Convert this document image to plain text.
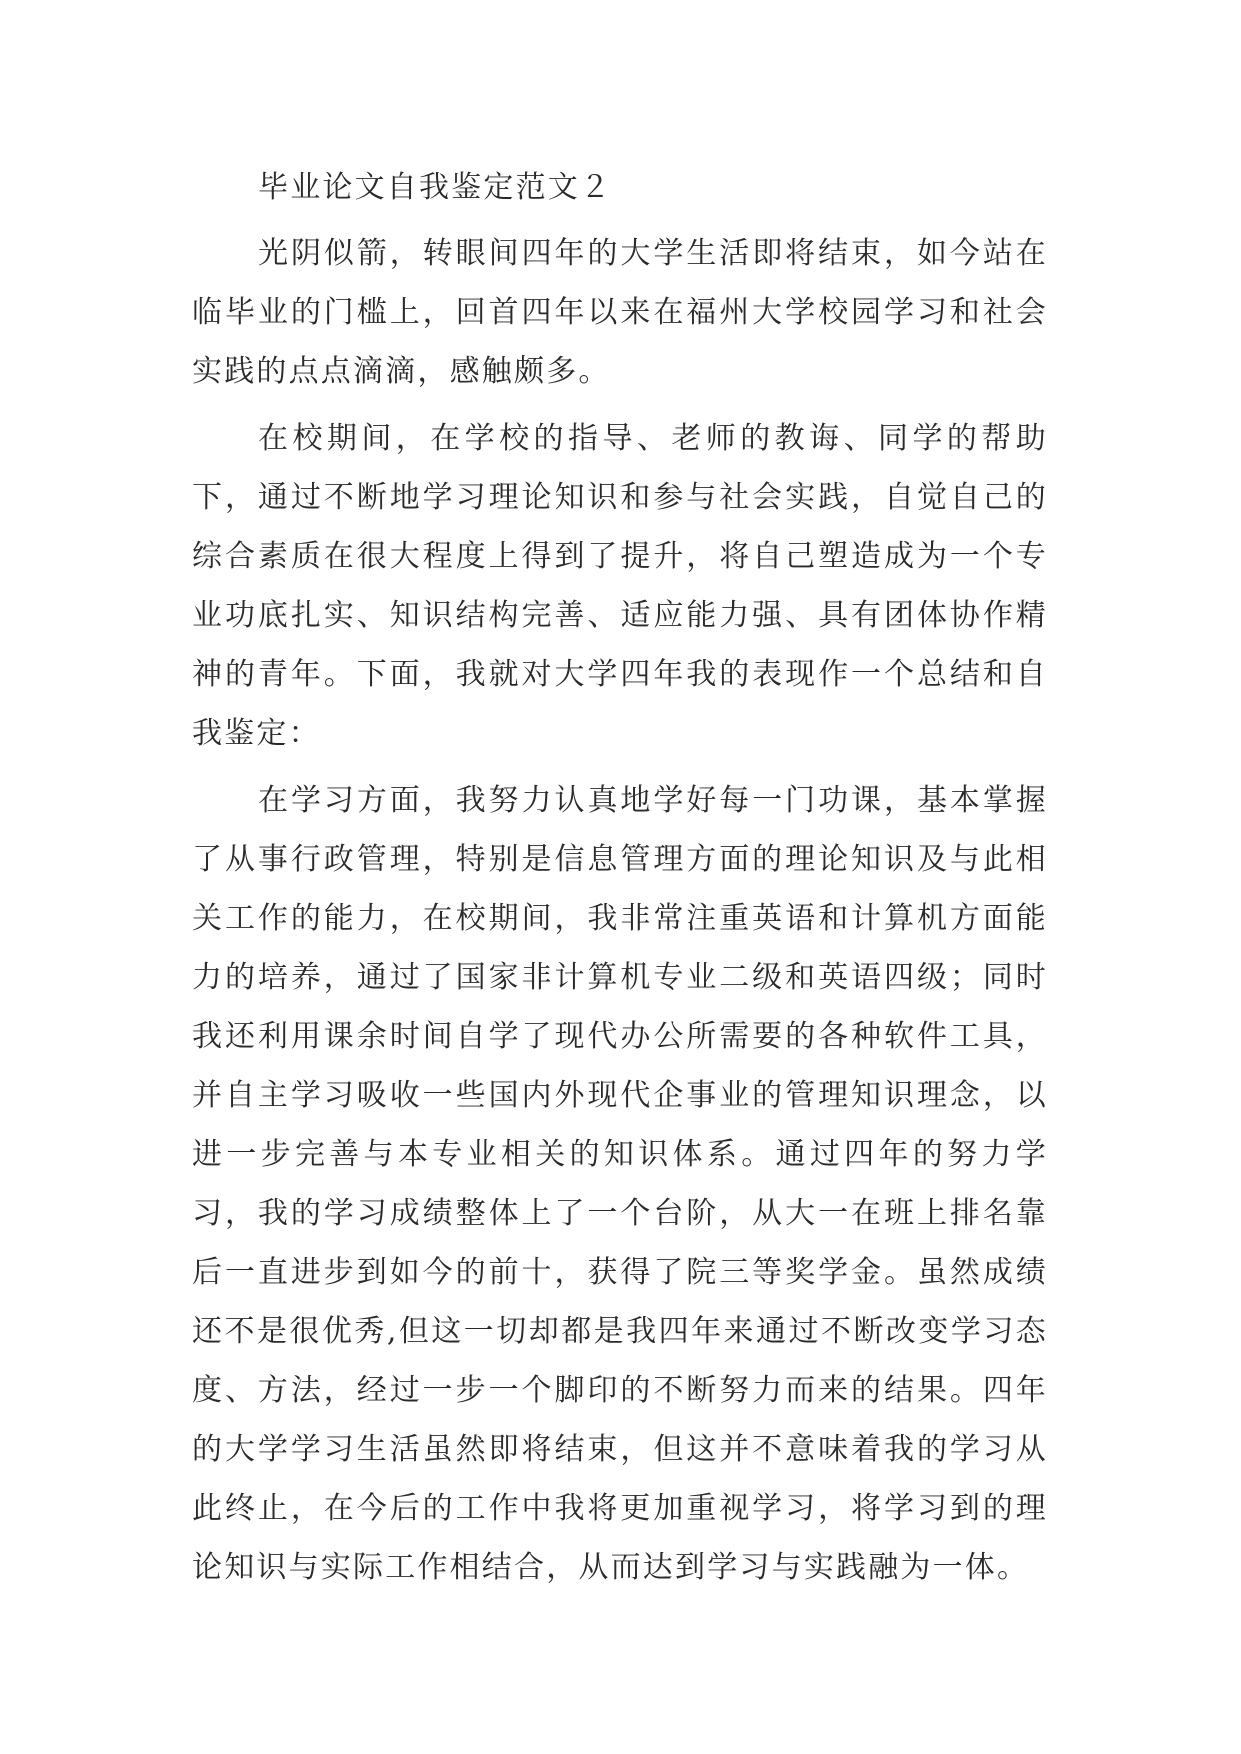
毕业论文自我鉴定范文２

光阴似箭，转眼间四年的大学生活即将结束，如今站在临毕业的门槛上，回首四年以来在福州大学校园学习和社会实践的点点滴滴，感触颇多。

在校期间，在学校的指导、老师的教诲、同学的帮助下，通过不断地学习理论知识和参与社会实践，自觉自己的综合素质在很大程度上得到了提升，将自己塑造成为一个专业功底扎实、知识结构完善、适应能力强、具有团体协作精神的青年。下面，我就对大学四年我的表现作一个总结和自我鉴定：

在学习方面，我努力认真地学好每一门功课，基本掌握了从事行政管理，特别是信息管理方面的理论知识及与此相关工作的能力，在校期间，我非常注重英语和计算机方面能力的培养，通过了国家非计算机专业二级和英语四级；同时我还利用课余时间自学了现代办公所需要的各种软件工具，并自主学习吸收一些国内外现代企事业的管理知识理念，以进一步完善与本专业相关的知识体系。通过四年的努力学习，我的学习成绩整体上了一个台阶，从大一在班上排名靠后一直进步到如今的前十，获得了院三等奖学金。虽然成绩还不是很优秀,但这一切却都是我四年来通过不断改变学习态度、方法，经过一步一个脚印的不断努力而来的结果。四年的大学学习生活虽然即将结束，但这并不意味着我的学习从此终止，在今后的工作中我将更加重视学习，将学习到的理论知识与实际工作相结合，从而达到学习与实践融为一体。
